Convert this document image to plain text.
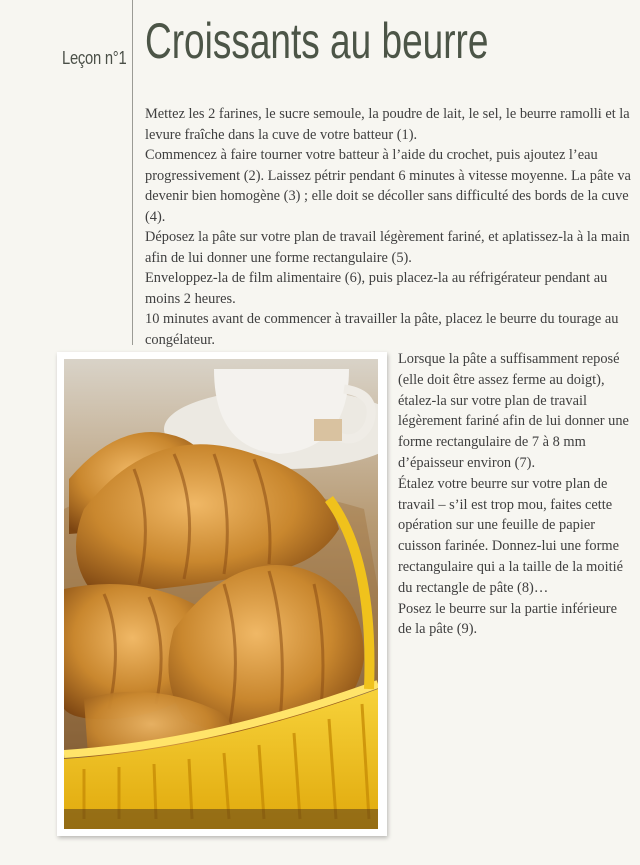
Leçon n°1 Croissants au beurre

Mettez les 2 farines, le sucre semoule, la poudre de lait, le sel, le beurre ramolli et la levure fraîche dans la cuve de votre batteur (1).

Commencez à faire tourner votre batteur à l’aide du crochet, puis ajoutez l’eau progressivement (2). Laissez pétrir pendant 6 minutes à vitesse moyenne. La pâte va devenir bien homogène (3) ; elle doit se décoller sans difficulté des bords de la cuve (4).

Déposez la pâte sur votre plan de travail légèrement fariné, et aplatissez-la à la main afin de lui donner une forme rectangulaire (5).

Enveloppez-la de film alimentaire (6), puis placez-la au réfrigérateur pendant au moins 2 heures.

10 minutes avant de commencer à travailler la pâte, placez le beurre du tourage au congélateur.

Lorsque la pâte a suffisamment reposé (elle doit être assez ferme au doigt), étalez-la sur votre plan de travail légèrement fariné afin de lui donner une forme rectangulaire de 7 à 8 mm d’épaisseur environ (7).

Étalez votre beurre sur votre plan de travail – s’il est trop mou, faites cette opération sur une feuille de papier cuisson farinée. Donnez-lui une forme rectangulaire qui a la taille de la moitié du rectangle de pâte (8)…

Posez le beurre sur la partie inférieure de la pâte (9).
